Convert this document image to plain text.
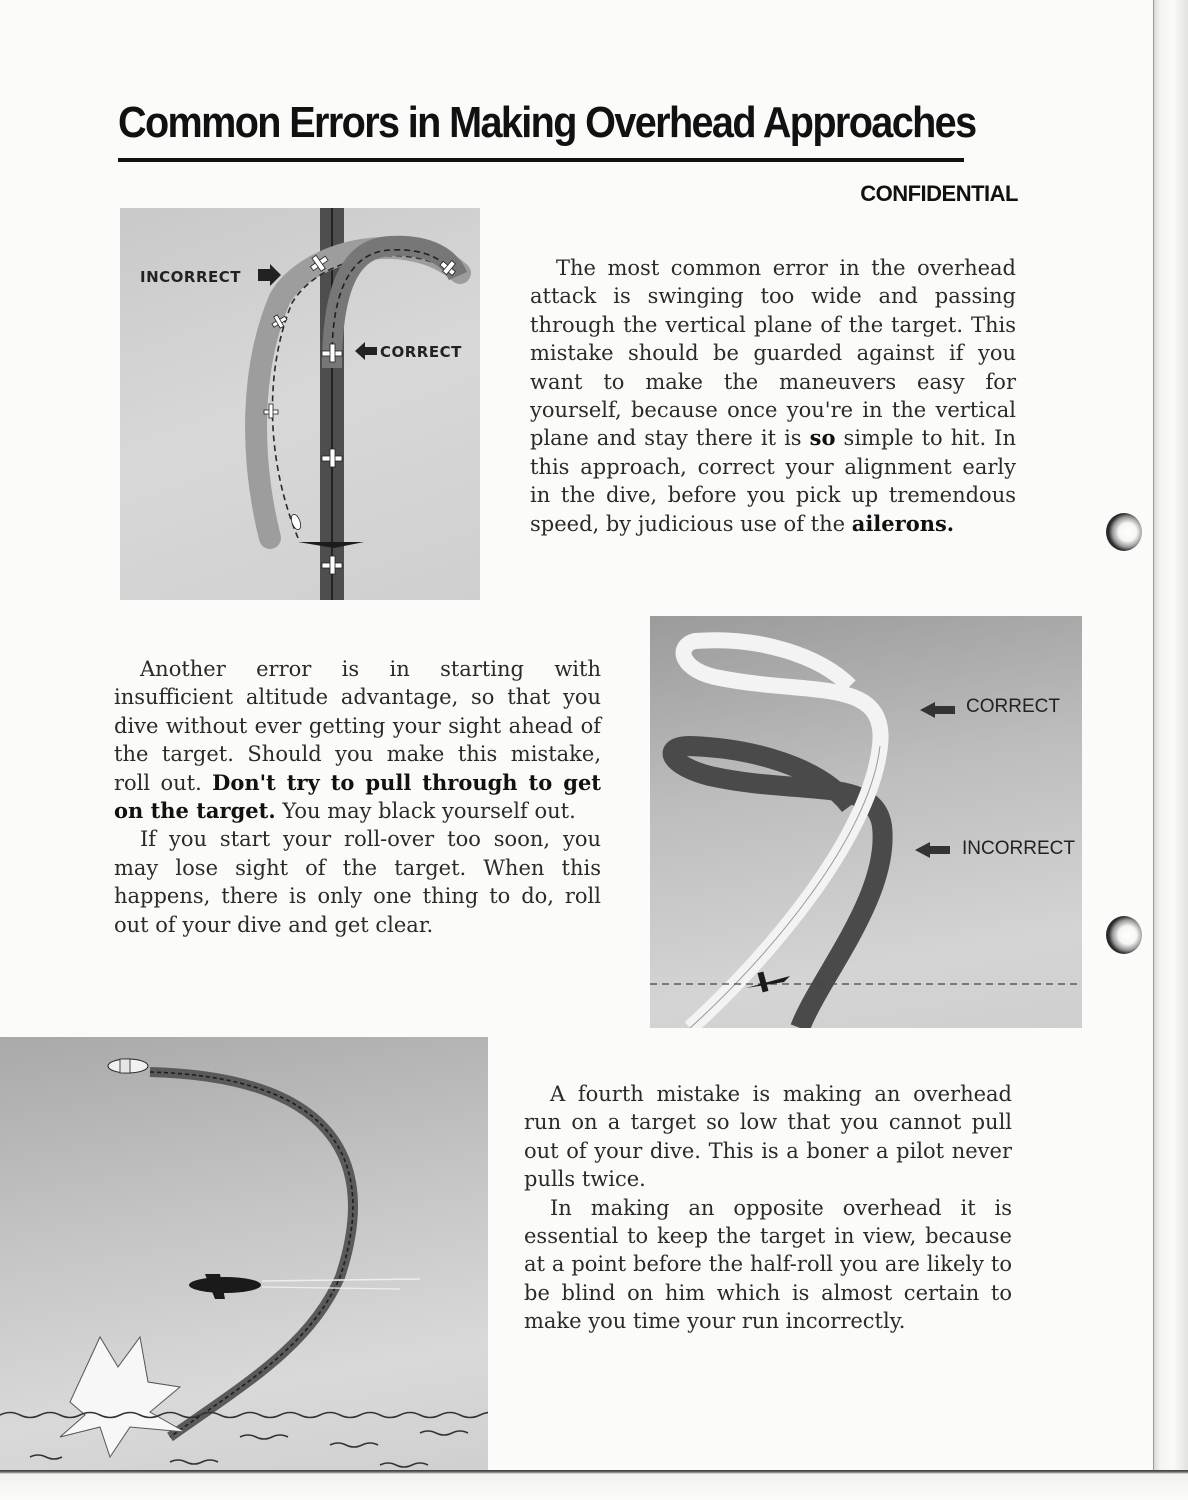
Common Errors in Making Overhead Approaches
CONFIDENTIAL
INCORRECT
CORRECT

The most common error in the overhead attack is swinging too wide and passing through the vertical plane of the target. This mistake should be guarded against if you want to make the maneuvers easy for yourself, because once you're in the vertical plane and stay there it is so simple to hit. In this approach, correct your alignment early in the dive, before you pick up tremendous speed, by judicious use of the ailerons.

Another error is in starting with insufficient altitude advantage, so that you dive without ever getting your sight ahead of the target. Should you make this mistake, roll out. Don't try to pull through to get on the target. You may black yourself out.

If you start your roll-over too soon, you may lose sight of the target. When this happens, there is only one thing to do, roll out of your dive and get clear.

CORRECT
INCORRECT

A fourth mistake is making an overhead run on a target so low that you cannot pull out of your dive. This is a boner a pilot never pulls twice.

In making an opposite overhead it is essential to keep the target in view, because at a point before the half-roll you are likely to be blind on him which is almost certain to make you time your run incorrectly.
